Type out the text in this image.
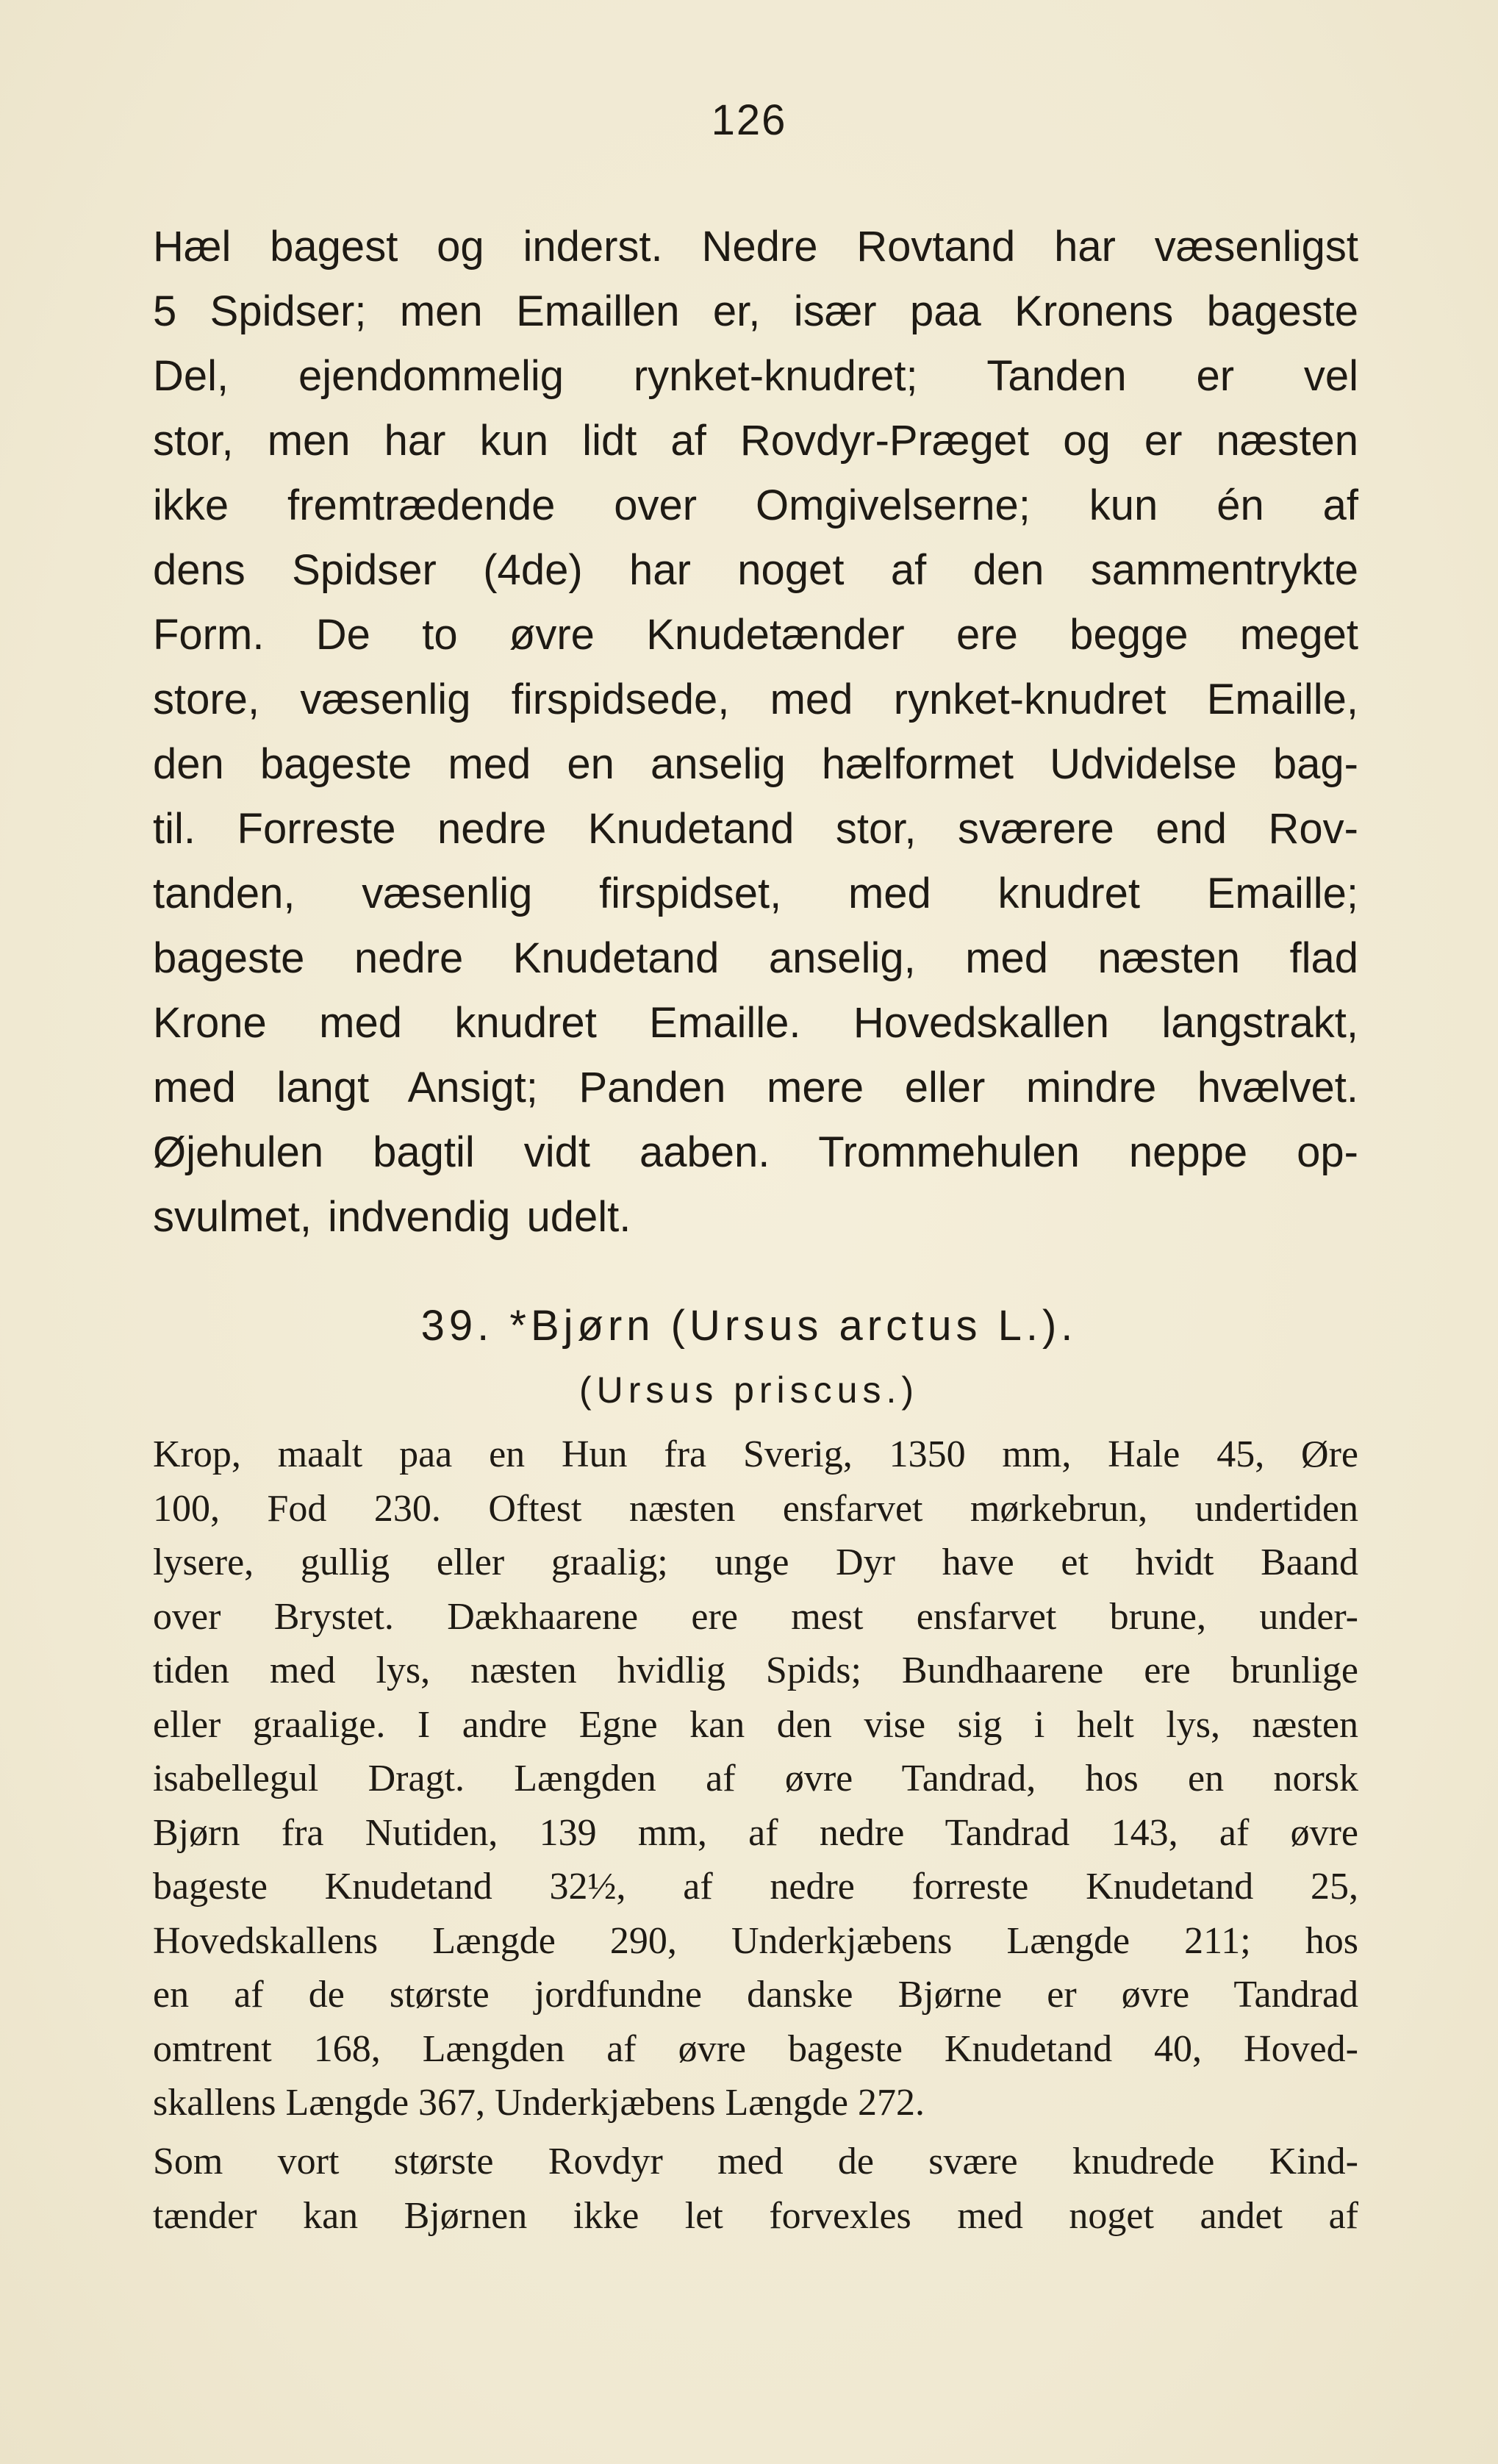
126
Hæl bagest og inderst. Nedre Rovtand har væsenligst
5 Spidser; men Emaillen er, især paa Kronens bageste
Del, ejendommelig rynket-knudret; Tanden er vel
stor, men har kun lidt af Rovdyr-Præget og er næsten
ikke fremtrædende over Omgivelserne; kun én af
dens Spidser (4de) har noget af den sammentrykte
Form. De to øvre Knudetænder ere begge meget
store, væsenlig firspidsede, med rynket-knudret Emaille,
den bageste med en anselig hælformet Udvidelse bag-
til. Forreste nedre Knudetand stor, sværere end Rov-
tanden, væsenlig firspidset, med knudret Emaille;
bageste nedre Knudetand anselig, med næsten flad
Krone med knudret Emaille. Hovedskallen langstrakt,
med langt Ansigt; Panden mere eller mindre hvælvet.
Øjehulen bagtil vidt aaben. Trommehulen neppe op-
svulmet, indvendig udelt.
39. *Bjørn (Ursus arctus L.).
(Ursus priscus.)
Krop, maalt paa en Hun fra Sverig, 1350 mm, Hale 45, Øre
100, Fod 230. Oftest næsten ensfarvet mørkebrun, undertiden
lysere, gullig eller graalig; unge Dyr have et hvidt Baand
over Brystet. Dækhaarene ere mest ensfarvet brune, under-
tiden med lys, næsten hvidlig Spids; Bundhaarene ere brunlige
eller graalige. I andre Egne kan den vise sig i helt lys, næsten
isabellegul Dragt. Længden af øvre Tandrad, hos en norsk
Bjørn fra Nutiden, 139 mm, af nedre Tandrad 143, af øvre
bageste Knudetand 32½, af nedre forreste Knudetand 25,
Hovedskallens Længde 290, Underkjæbens Længde 211; hos
en af de største jordfundne danske Bjørne er øvre Tandrad
omtrent 168, Længden af øvre bageste Knudetand 40, Hoved-
skallens Længde 367, Underkjæbens Længde 272.
Som vort største Rovdyr med de svære knudrede Kind-
tænder kan Bjørnen ikke let forvexles med noget andet af
